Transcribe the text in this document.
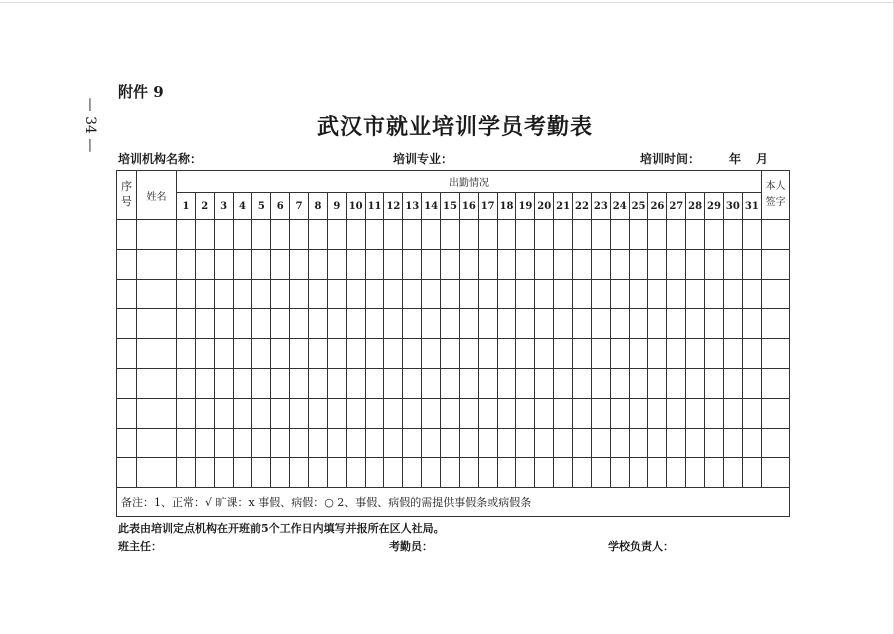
附件 9
— 34 —	武汉市就业培训学员考勤表
培训机构名称：	培训专业：	培训时间： 年 月
序号	姓名	出勤情况																															本人签字
		1	2	3	4	5	6	7	8	9	10	11	12	13	14	15	16	17	18	19	20	21	22	23	24	25	26	27	28	29	30	31	

备注：1、正常：√ 旷课：x 事假、病假：○ 2、事假、病假的需提供事假条或病假条																																	
此表由培训定点机构在开班前5个工作日内填写并报所在区人社局。
班主任：	考勤员：	学校负责人：
